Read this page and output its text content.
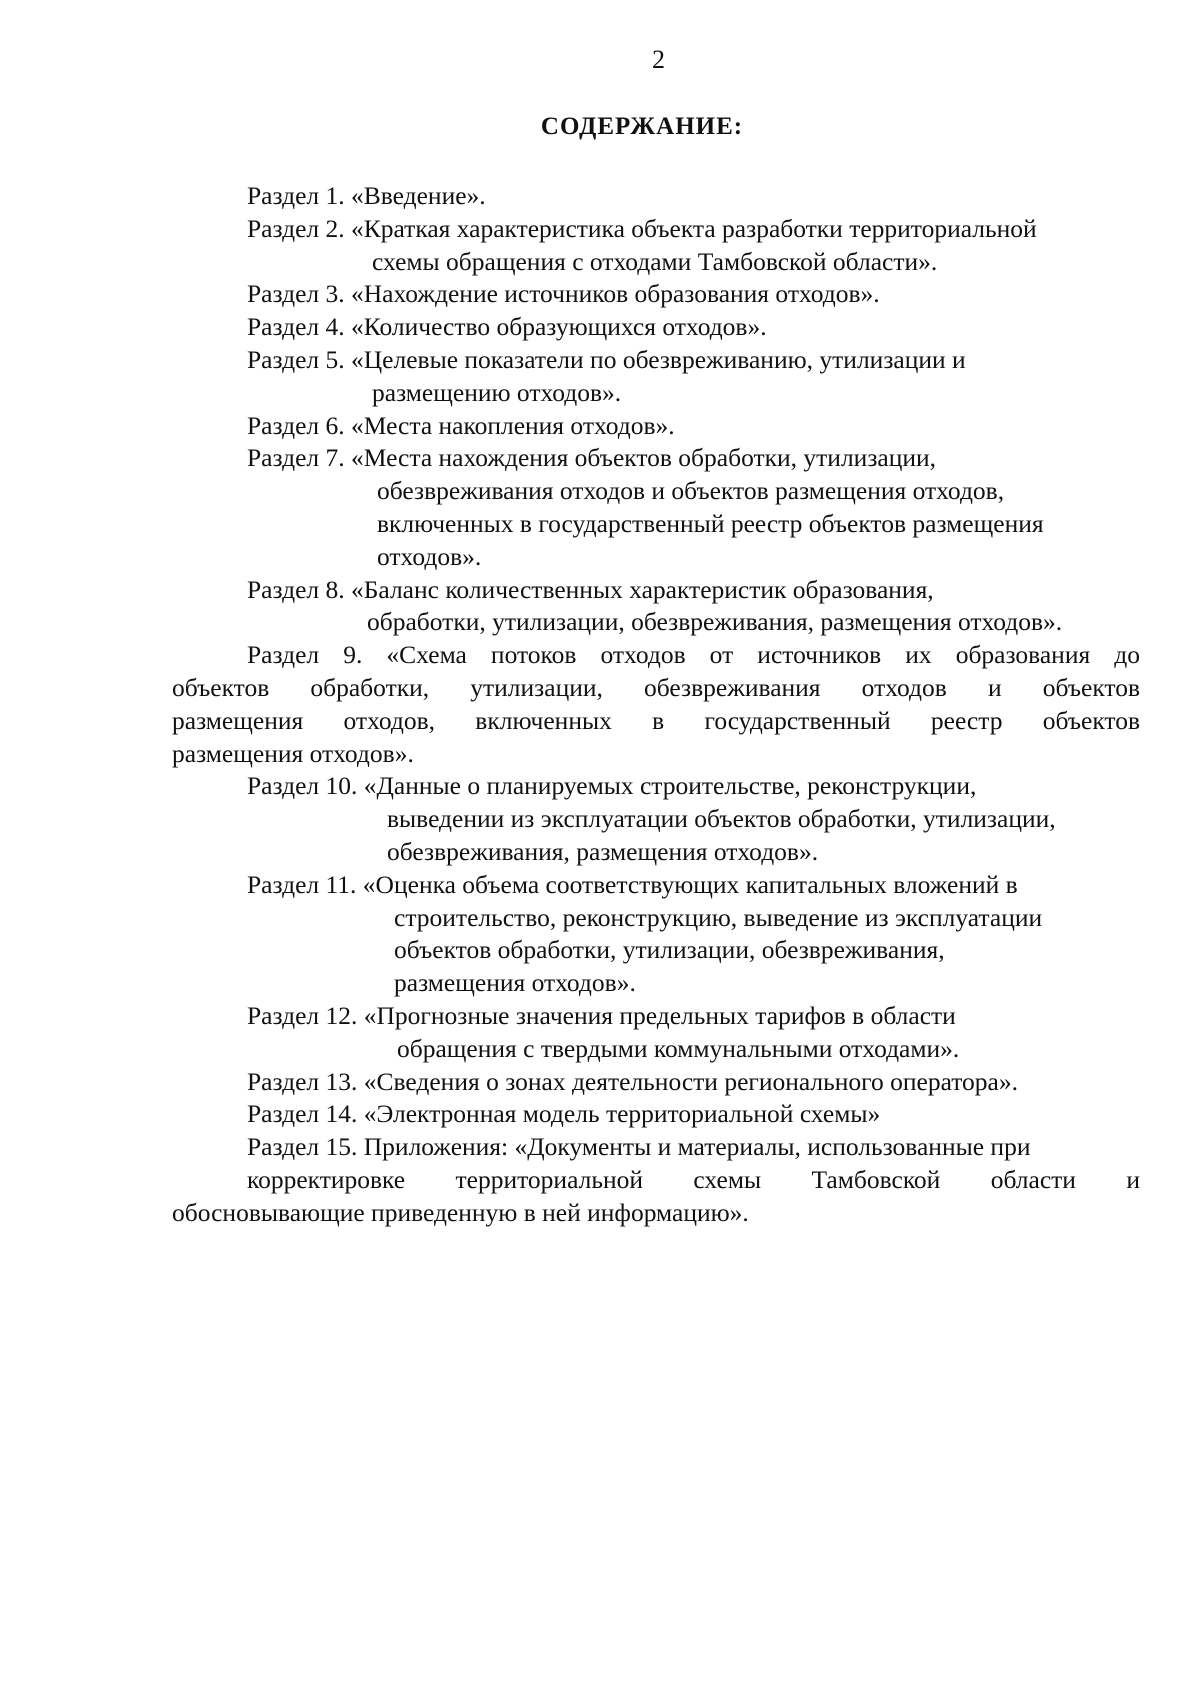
2
СОДЕРЖАНИЕ:
Раздел 1. «Введение».
Раздел 2. «Краткая характеристика объекта разработки территориальной
схемы обращения с отходами Тамбовской области».
Раздел 3. «Нахождение источников образования отходов».
Раздел 4. «Количество образующихся отходов».
Раздел 5. «Целевые показатели по обезвреживанию, утилизации и
размещению отходов».
Раздел 6. «Места накопления отходов».
Раздел 7. «Места нахождения объектов обработки, утилизации,
обезвреживания отходов и объектов размещения отходов,
включенных в государственный реестр объектов размещения
отходов».
Раздел 8. «Баланс количественных характеристик образования,
обработки, утилизации, обезвреживания, размещения отходов».
Раздел 9. «Схема потоков отходов от источников их образования до
объектов обработки, утилизации, обезвреживания отходов и объектов
размещения отходов, включенных в государственный реестр объектов
размещения отходов».
Раздел 10. «Данные о планируемых строительстве, реконструкции,
выведении из эксплуатации объектов обработки, утилизации,
обезвреживания, размещения отходов».
Раздел 11. «Оценка объема соответствующих капитальных вложений в
строительство, реконструкцию, выведение из эксплуатации
объектов обработки, утилизации, обезвреживания,
размещения отходов».
Раздел 12. «Прогнозные значения предельных тарифов в области
обращения с твердыми коммунальными отходами».
Раздел 13. «Сведения о зонах деятельности регионального оператора».
Раздел 14. «Электронная модель территориальной схемы»
Раздел 15. Приложения: «Документы и материалы, использованные при
корректировке территориальной схемы Тамбовской области и
обосновывающие приведенную в ней информацию».
